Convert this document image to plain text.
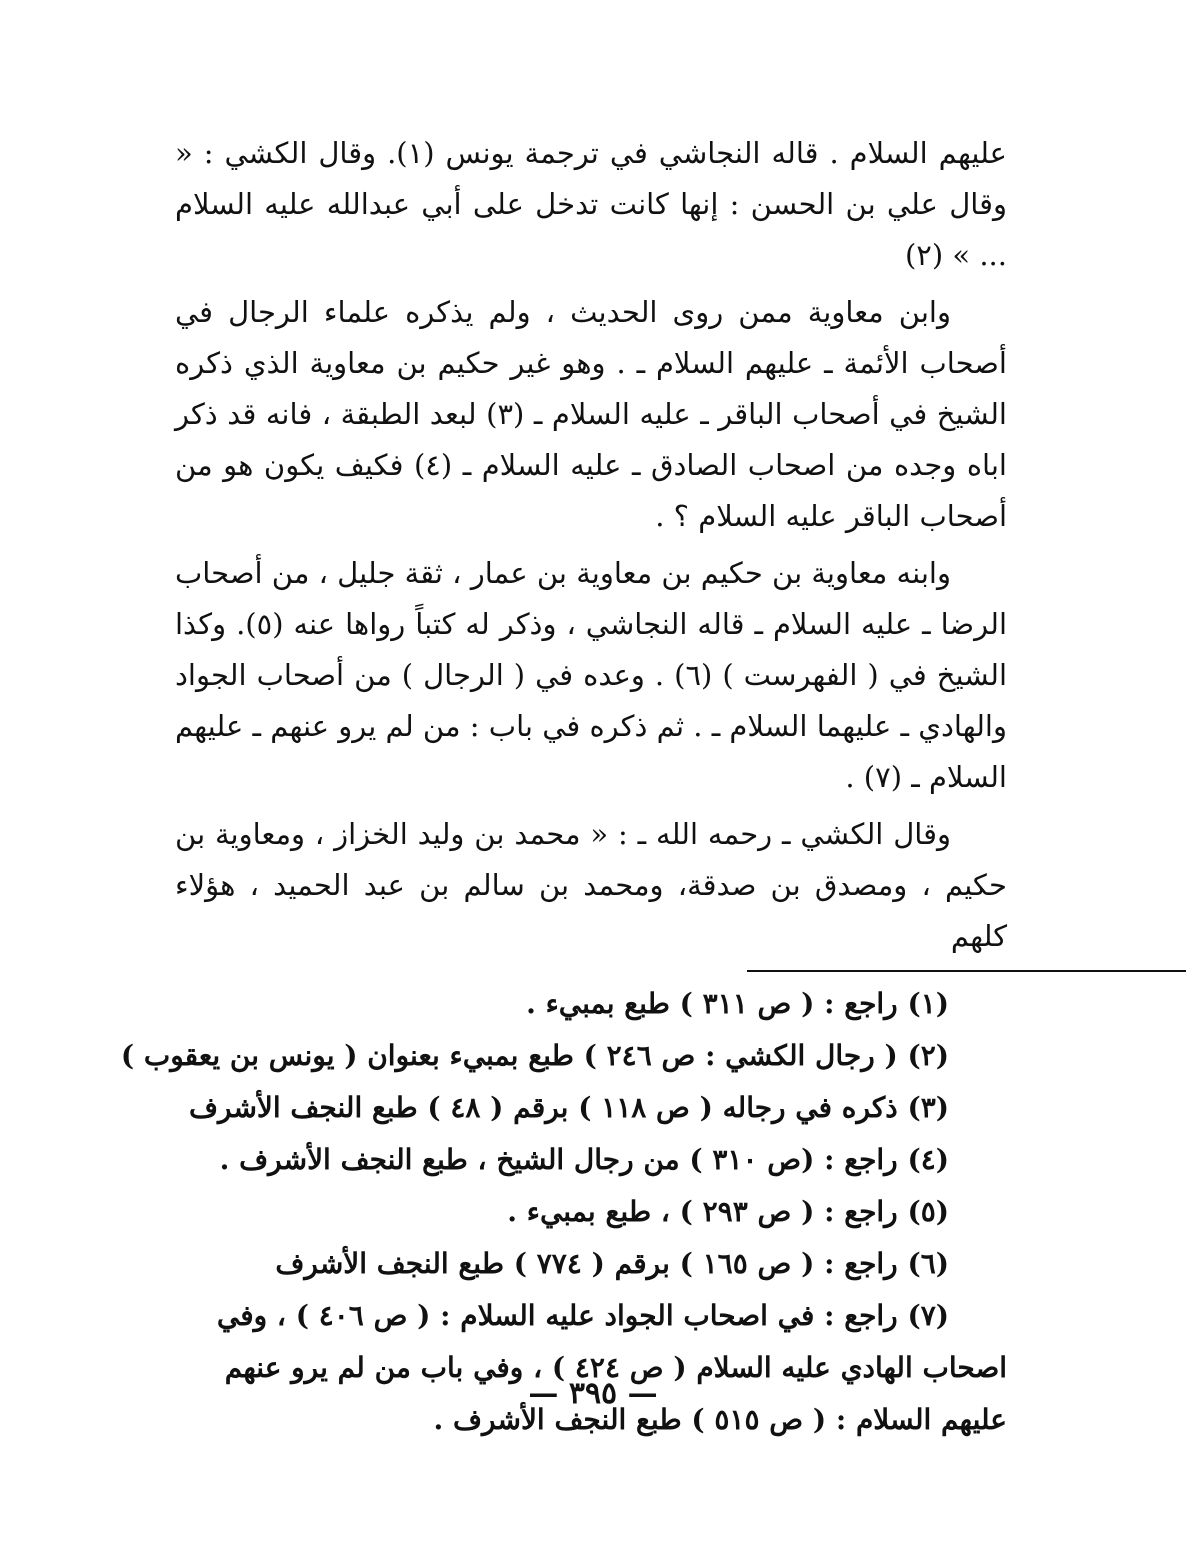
عليهم السلام . قاله النجاشي في ترجمة يونس (١). وقال الكشي : « وقال علي بن الحسن : إنها كانت تدخل على أبي عبدالله عليه السلام ... » (٢)

وابن معاوية ممن روى الحديث ، ولم يذكره علماء الرجال في أصحاب الأئمة ـ عليهم السلام ـ . وهو غير حكيم بن معاوية الذي ذكره الشيخ في أصحاب الباقر ـ عليه السلام ـ (٣) لبعد الطبقة ، فانه قد ذكر اباه وجده من اصحاب الصادق ـ عليه السلام ـ (٤) فكيف يكون هو من أصحاب الباقر عليه السلام ؟ .

وابنه معاوية بن حكيم بن معاوية بن عمار ، ثقة جليل ، من أصحاب الرضا ـ عليه السلام ـ قاله النجاشي ، وذكر له كتباً رواها عنه (٥). وكذا الشيخ في ( الفهرست ) (٦) . وعده في ( الرجال ) من أصحاب الجواد والهادي ـ عليهما السلام ـ . ثم ذكره في باب : من لم يرو عنهم ـ عليهم السلام ـ (٧) .

وقال الكشي ـ رحمه الله ـ : « محمد بن وليد الخزاز ، ومعاوية بن حكيم ، ومصدق بن صدقة، ومحمد بن سالم بن عبد الحميد ، هؤلاء كلهم

(١) راجع : ( ص ٣١١ ) طبع بمبيء .

(٢) ( رجال الكشي : ص ٢٤٦ ) طبع بمبيء بعنوان ( يونس بن يعقوب )

(٣) ذكره في رجاله ( ص ١١٨ ) برقم ( ٤٨ ) طبع النجف الأشرف

(٤) راجع : (ص ٣١٠ ) من رجال الشيخ ، طبع النجف الأشرف .

(٥) راجع : ( ص ٢٩٣ ) ، طبع بمبيء .

(٦) راجع : ( ص ١٦٥ ) برقم ( ٧٧٤ ) طبع النجف الأشرف

(٧) راجع : في اصحاب الجواد عليه السلام : ( ص ٤٠٦ ) ، وفي اصحاب الهادي عليه السلام ( ص ٤٢٤ ) ، وفي باب من لم يرو عنهم عليهم السلام : ( ص ٥١٥ ) طبع النجف الأشرف .

— ٣٩٥ —
